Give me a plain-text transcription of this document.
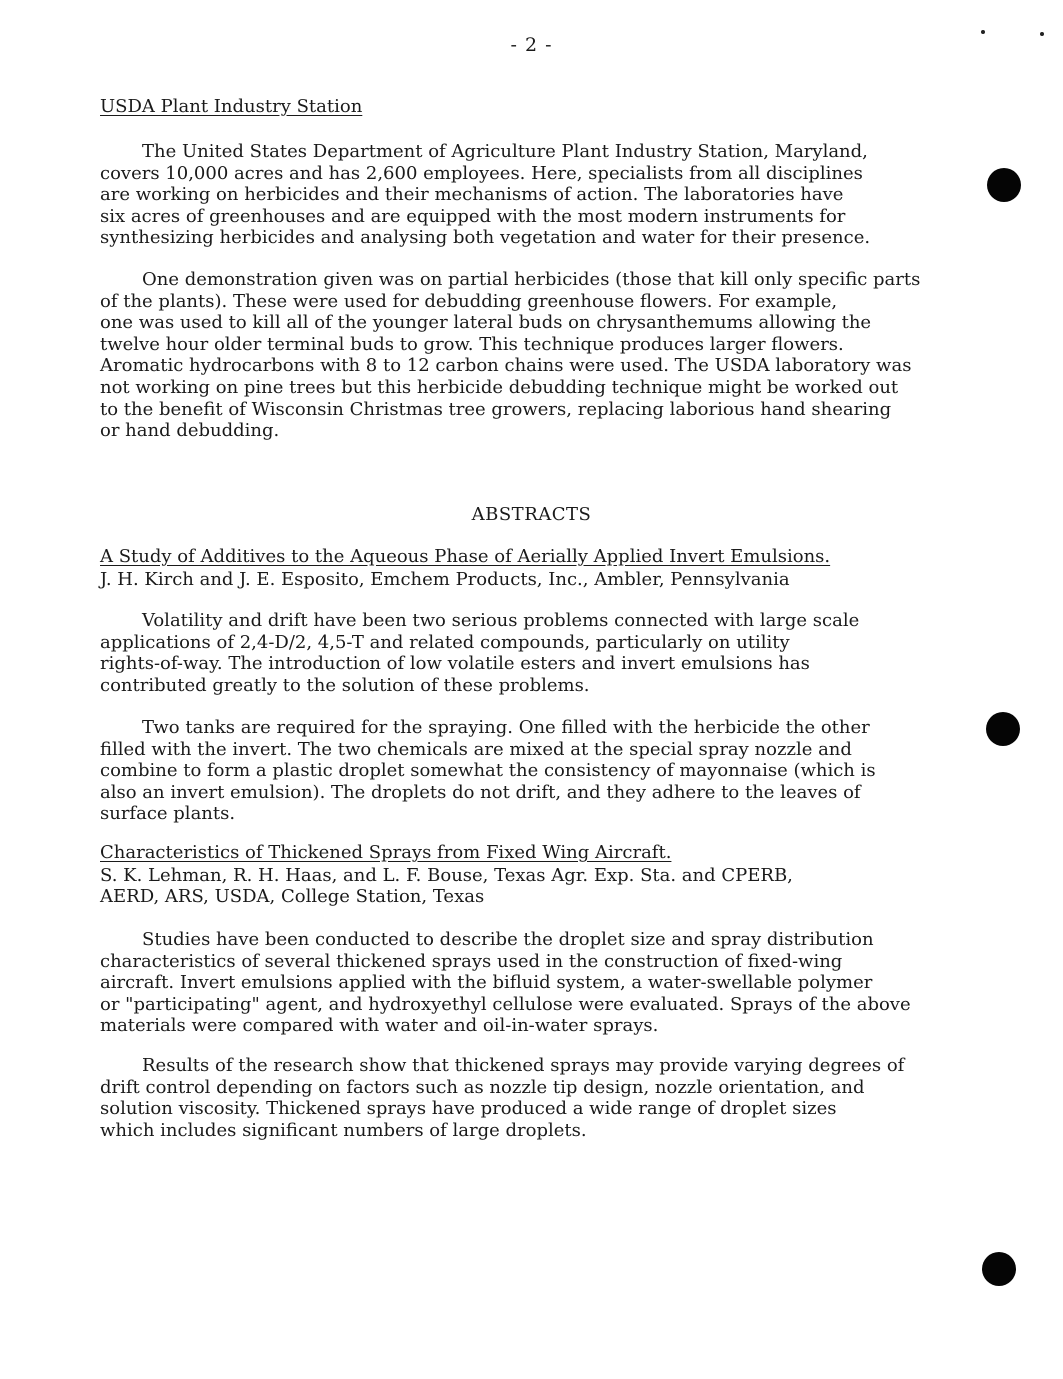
- 2 -
USDA Plant Industry Station
The United States Department of Agriculture Plant Industry Station, Maryland,
covers 10,000 acres and has 2,600 employees. Here, specialists from all disciplines
are working on herbicides and their mechanisms of action. The laboratories have
six acres of greenhouses and are equipped with the most modern instruments for
synthesizing herbicides and analysing both vegetation and water for their presence.
One demonstration given was on partial herbicides (those that kill only specific parts
of the plants). These were used for debudding greenhouse flowers. For example,
one was used to kill all of the younger lateral buds on chrysanthemums allowing the
twelve hour older terminal buds to grow. This technique produces larger flowers.
Aromatic hydrocarbons with 8 to 12 carbon chains were used. The USDA laboratory was
not working on pine trees but this herbicide debudding technique might be worked out
to the benefit of Wisconsin Christmas tree growers, replacing laborious hand shearing
or hand debudding.
ABSTRACTS
A Study of Additives to the Aqueous Phase of Aerially Applied Invert Emulsions.
J. H. Kirch and J. E. Esposito, Emchem Products, Inc., Ambler, Pennsylvania
Volatility and drift have been two serious problems connected with large scale
applications of 2,4-D/2, 4,5-T and related compounds, particularly on utility
rights-of-way. The introduction of low volatile esters and invert emulsions has
contributed greatly to the solution of these problems.
Two tanks are required for the spraying. One filled with the herbicide the other
filled with the invert. The two chemicals are mixed at the special spray nozzle and
combine to form a plastic droplet somewhat the consistency of mayonnaise (which is
also an invert emulsion). The droplets do not drift, and they adhere to the leaves of
surface plants.
Characteristics of Thickened Sprays from Fixed Wing Aircraft.
S. K. Lehman, R. H. Haas, and L. F. Bouse, Texas Agr. Exp. Sta. and CPERB,
AERD, ARS, USDA, College Station, Texas
Studies have been conducted to describe the droplet size and spray distribution
characteristics of several thickened sprays used in the construction of fixed-wing
aircraft. Invert emulsions applied with the bifluid system, a water-swellable polymer
or "participating" agent, and hydroxyethyl cellulose were evaluated. Sprays of the above
materials were compared with water and oil-in-water sprays.
Results of the research show that thickened sprays may provide varying degrees of
drift control depending on factors such as nozzle tip design, nozzle orientation, and
solution viscosity. Thickened sprays have produced a wide range of droplet sizes
which includes significant numbers of large droplets.
